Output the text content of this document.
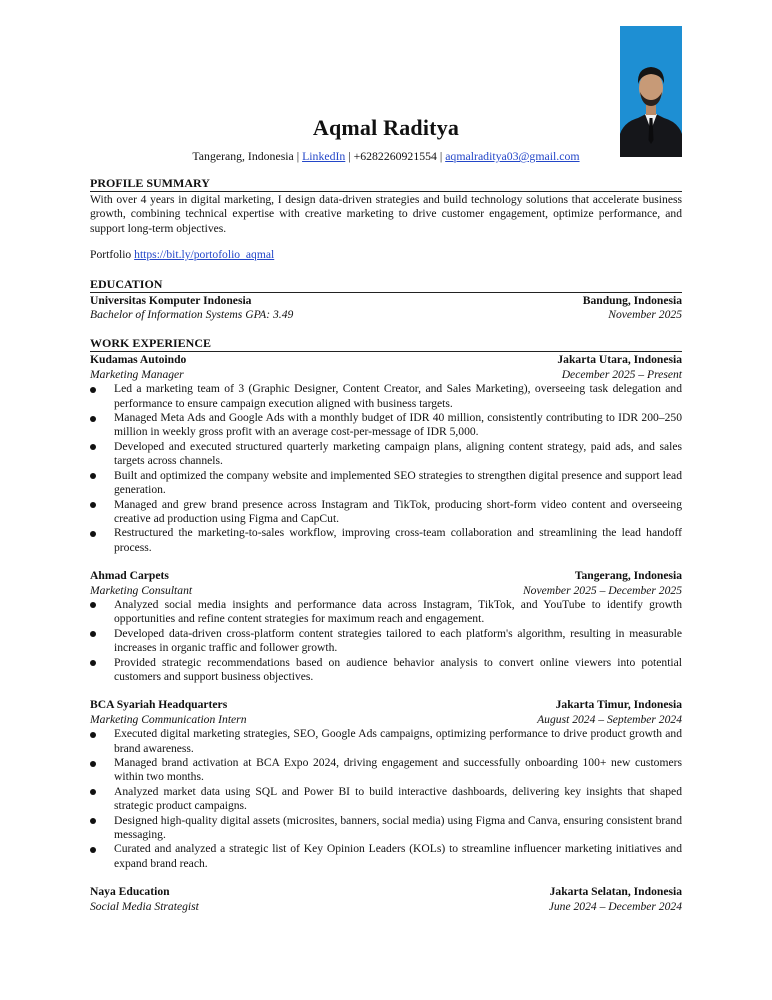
Aqmal Raditya
Tangerang, Indonesia | LinkedIn | +6282260921554 | aqmalraditya03@gmail.com
PROFILE SUMMARY

With over 4 years in digital marketing, I design data-driven strategies and build technology solutions that accelerate business growth, combining technical expertise with creative marketing to drive customer engagement, optimize performance, and support long-term objectives.

Portfolio https://bit.ly/portofolio_aqmal
EDUCATION
Universitas Komputer Indonesia	Bandung, Indonesia
Bachelor of Information Systems GPA: 3.49	November 2025
WORK EXPERIENCE
Kudamas Autoindo	Jakarta Utara, Indonesia
Marketing Manager	December 2025 – Present
Led a marketing team of 3 (Graphic Designer, Content Creator, and Sales Marketing), overseeing task delegation and performance to ensure campaign execution aligned with business targets.
Managed Meta Ads and Google Ads with a monthly budget of IDR 40 million, consistently contributing to IDR 200–250 million in weekly gross profit with an average cost-per-message of IDR 5,000.
Developed and executed structured quarterly marketing campaign plans, aligning content strategy, paid ads, and sales targets across channels.
Built and optimized the company website and implemented SEO strategies to strengthen digital presence and support lead generation.
Managed and grew brand presence across Instagram and TikTok, producing short-form video content and overseeing creative ad production using Figma and CapCut.
Restructured the marketing-to-sales workflow, improving cross-team collaboration and streamlining the lead handoff process.
Ahmad Carpets	Tangerang, Indonesia
Marketing Consultant	November 2025 – December 2025
Analyzed social media insights and performance data across Instagram, TikTok, and YouTube to identify growth opportunities and refine content strategies for maximum reach and engagement.
Developed data-driven cross-platform content strategies tailored to each platform's algorithm, resulting in measurable increases in organic traffic and follower growth.
Provided strategic recommendations based on audience behavior analysis to convert online viewers into potential customers and support business objectives.
BCA Syariah Headquarters	Jakarta Timur, Indonesia
Marketing Communication Intern	August 2024 – September 2024
Executed digital marketing strategies, SEO, Google Ads campaigns, optimizing performance to drive product growth and brand awareness.
Managed brand activation at BCA Expo 2024, driving engagement and successfully onboarding 100+ new customers within two months.
Analyzed market data using SQL and Power BI to build interactive dashboards, delivering key insights that shaped strategic product campaigns.
Designed high-quality digital assets (microsites, banners, social media) using Figma and Canva, ensuring consistent brand messaging.
Curated and analyzed a strategic list of Key Opinion Leaders (KOLs) to streamline influencer marketing initiatives and expand brand reach.
Naya Education	Jakarta Selatan, Indonesia
Social Media Strategist	June 2024 – December 2024
